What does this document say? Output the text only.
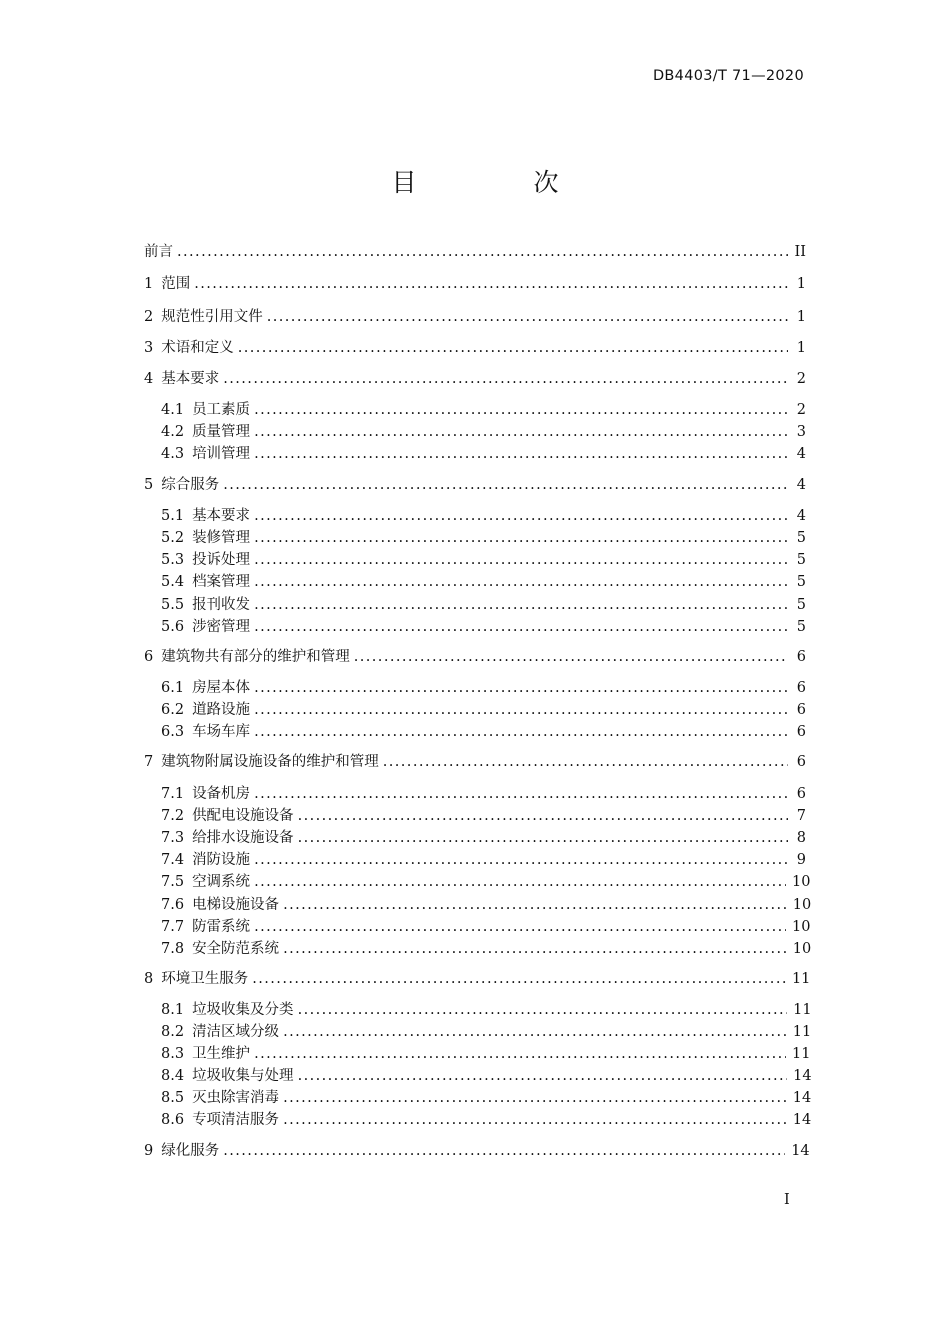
DB4403/T 71—2020
目　次
前言 . . .	II
1 范围 . . .	1
2 规范性引用文件 . . .	1
3 术语和定义 . . .	1
4 基本要求 . . .	2
4.1 员工素质 . . .	2
4.2 质量管理 . . .	3
4.3 培训管理 . . .	4
5 综合服务 . . .	4
5.1 基本要求 . . .	4
5.2 装修管理 . . .	5
5.3 投诉处理 . . .	5
5.4 档案管理 . . .	5
5.5 报刊收发 . . .	5
5.6 涉密管理 . . .	5
6 建筑物共有部分的维护和管理 . . .	6
6.1 房屋本体 . . .	6
6.2 道路设施 . . .	6
6.3 车场车库 . . .	6
7 建筑物附属设施设备的维护和管理 . . .	6
7.1 设备机房 . . .	6
7.2 供配电设施设备 . . .	7
7.3 给排水设施设备 . . .	8
7.4 消防设施 . . .	9
7.5 空调系统 . . .	10
7.6 电梯设施设备 . . .	10
7.7 防雷系统 . . .	10
7.8 安全防范系统 . . .	10
8 环境卫生服务 . . .	11
8.1 垃圾收集及分类 . . .	11
8.2 清洁区域分级 . . .	11
8.3 卫生维护 . . .	11
8.4 垃圾收集与处理 . . .	14
8.5 灭虫除害消毒 . . .	14
8.6 专项清洁服务 . . .	14
9 绿化服务 . . .	14
I
